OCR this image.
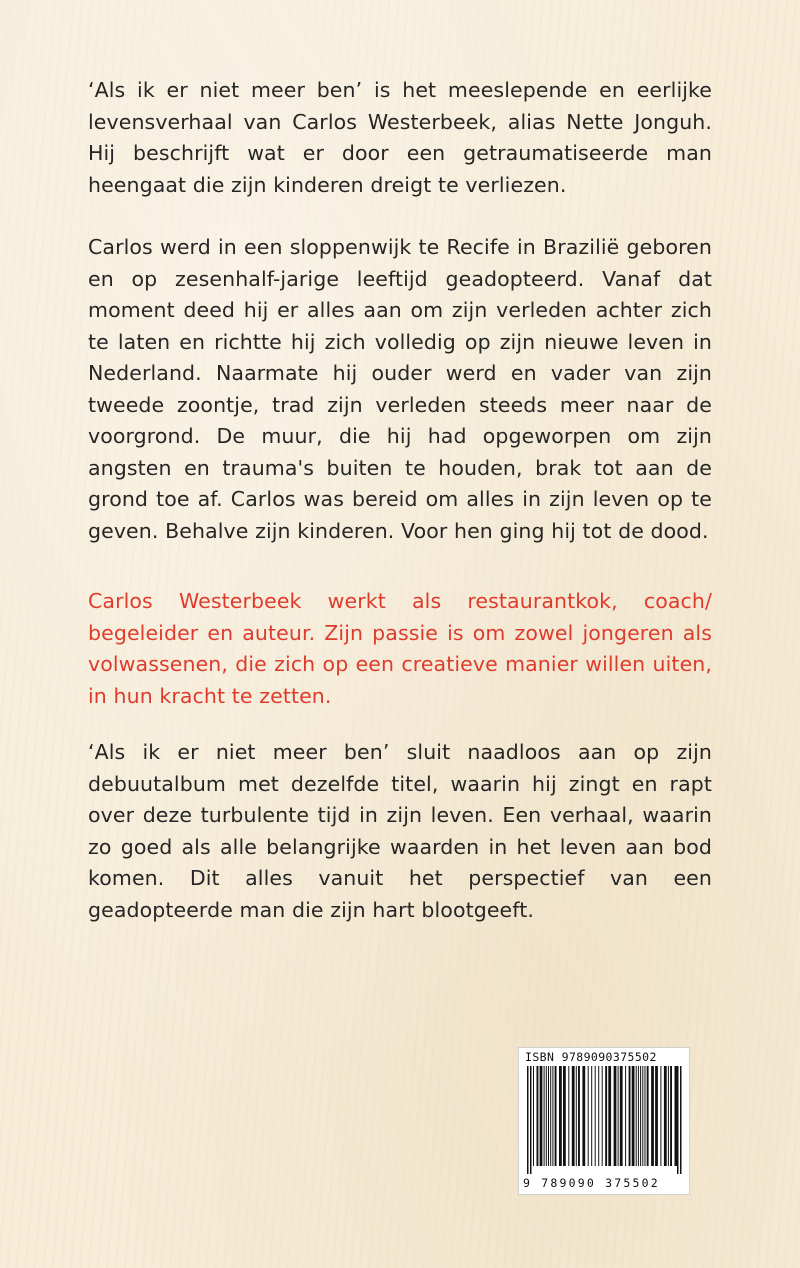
‘Als ik er niet meer ben’ is het meeslepende en eerlijke levensverhaal van Carlos Westerbeek, alias Nette Jonguh. Hij beschrijft wat er door een getraumatiseerde man heengaat die zijn kinderen dreigt te verliezen.

Carlos werd in een sloppenwijk te Recife in Brazilië geboren en op zesenhalf-jarige leeftijd geadopteerd. Vanaf dat moment deed hij er alles aan om zijn verleden achter zich te laten en richtte hij zich volledig op zijn nieuwe leven in Nederland. Naarmate hij ouder werd en vader van zijn tweede zoontje, trad zijn verleden steeds meer naar de voorgrond. De muur, die hij had opgeworpen om zijn angsten en trauma's buiten te houden, brak tot aan de grond toe af. Carlos was bereid om alles in zijn leven op te geven. Behalve zijn kinderen. Voor hen ging hij tot de dood.

Carlos Westerbeek werkt als restaurantkok, coach/ begeleider en auteur. Zijn passie is om zowel jongeren als volwassenen, die zich op een creatieve manier willen uiten, in hun kracht te zetten.

‘Als ik er niet meer ben’ sluit naadloos aan op zijn debuutalbum met dezelfde titel, waarin hij zingt en rapt over deze turbulente tijd in zijn leven. Een verhaal, waarin zo goed als alle belangrijke waarden in het leven aan bod komen. Dit alles vanuit het perspectief van een geadopteerde man die zijn hart blootgeeft.

ISBN 9789090375502
9 789090 375502
